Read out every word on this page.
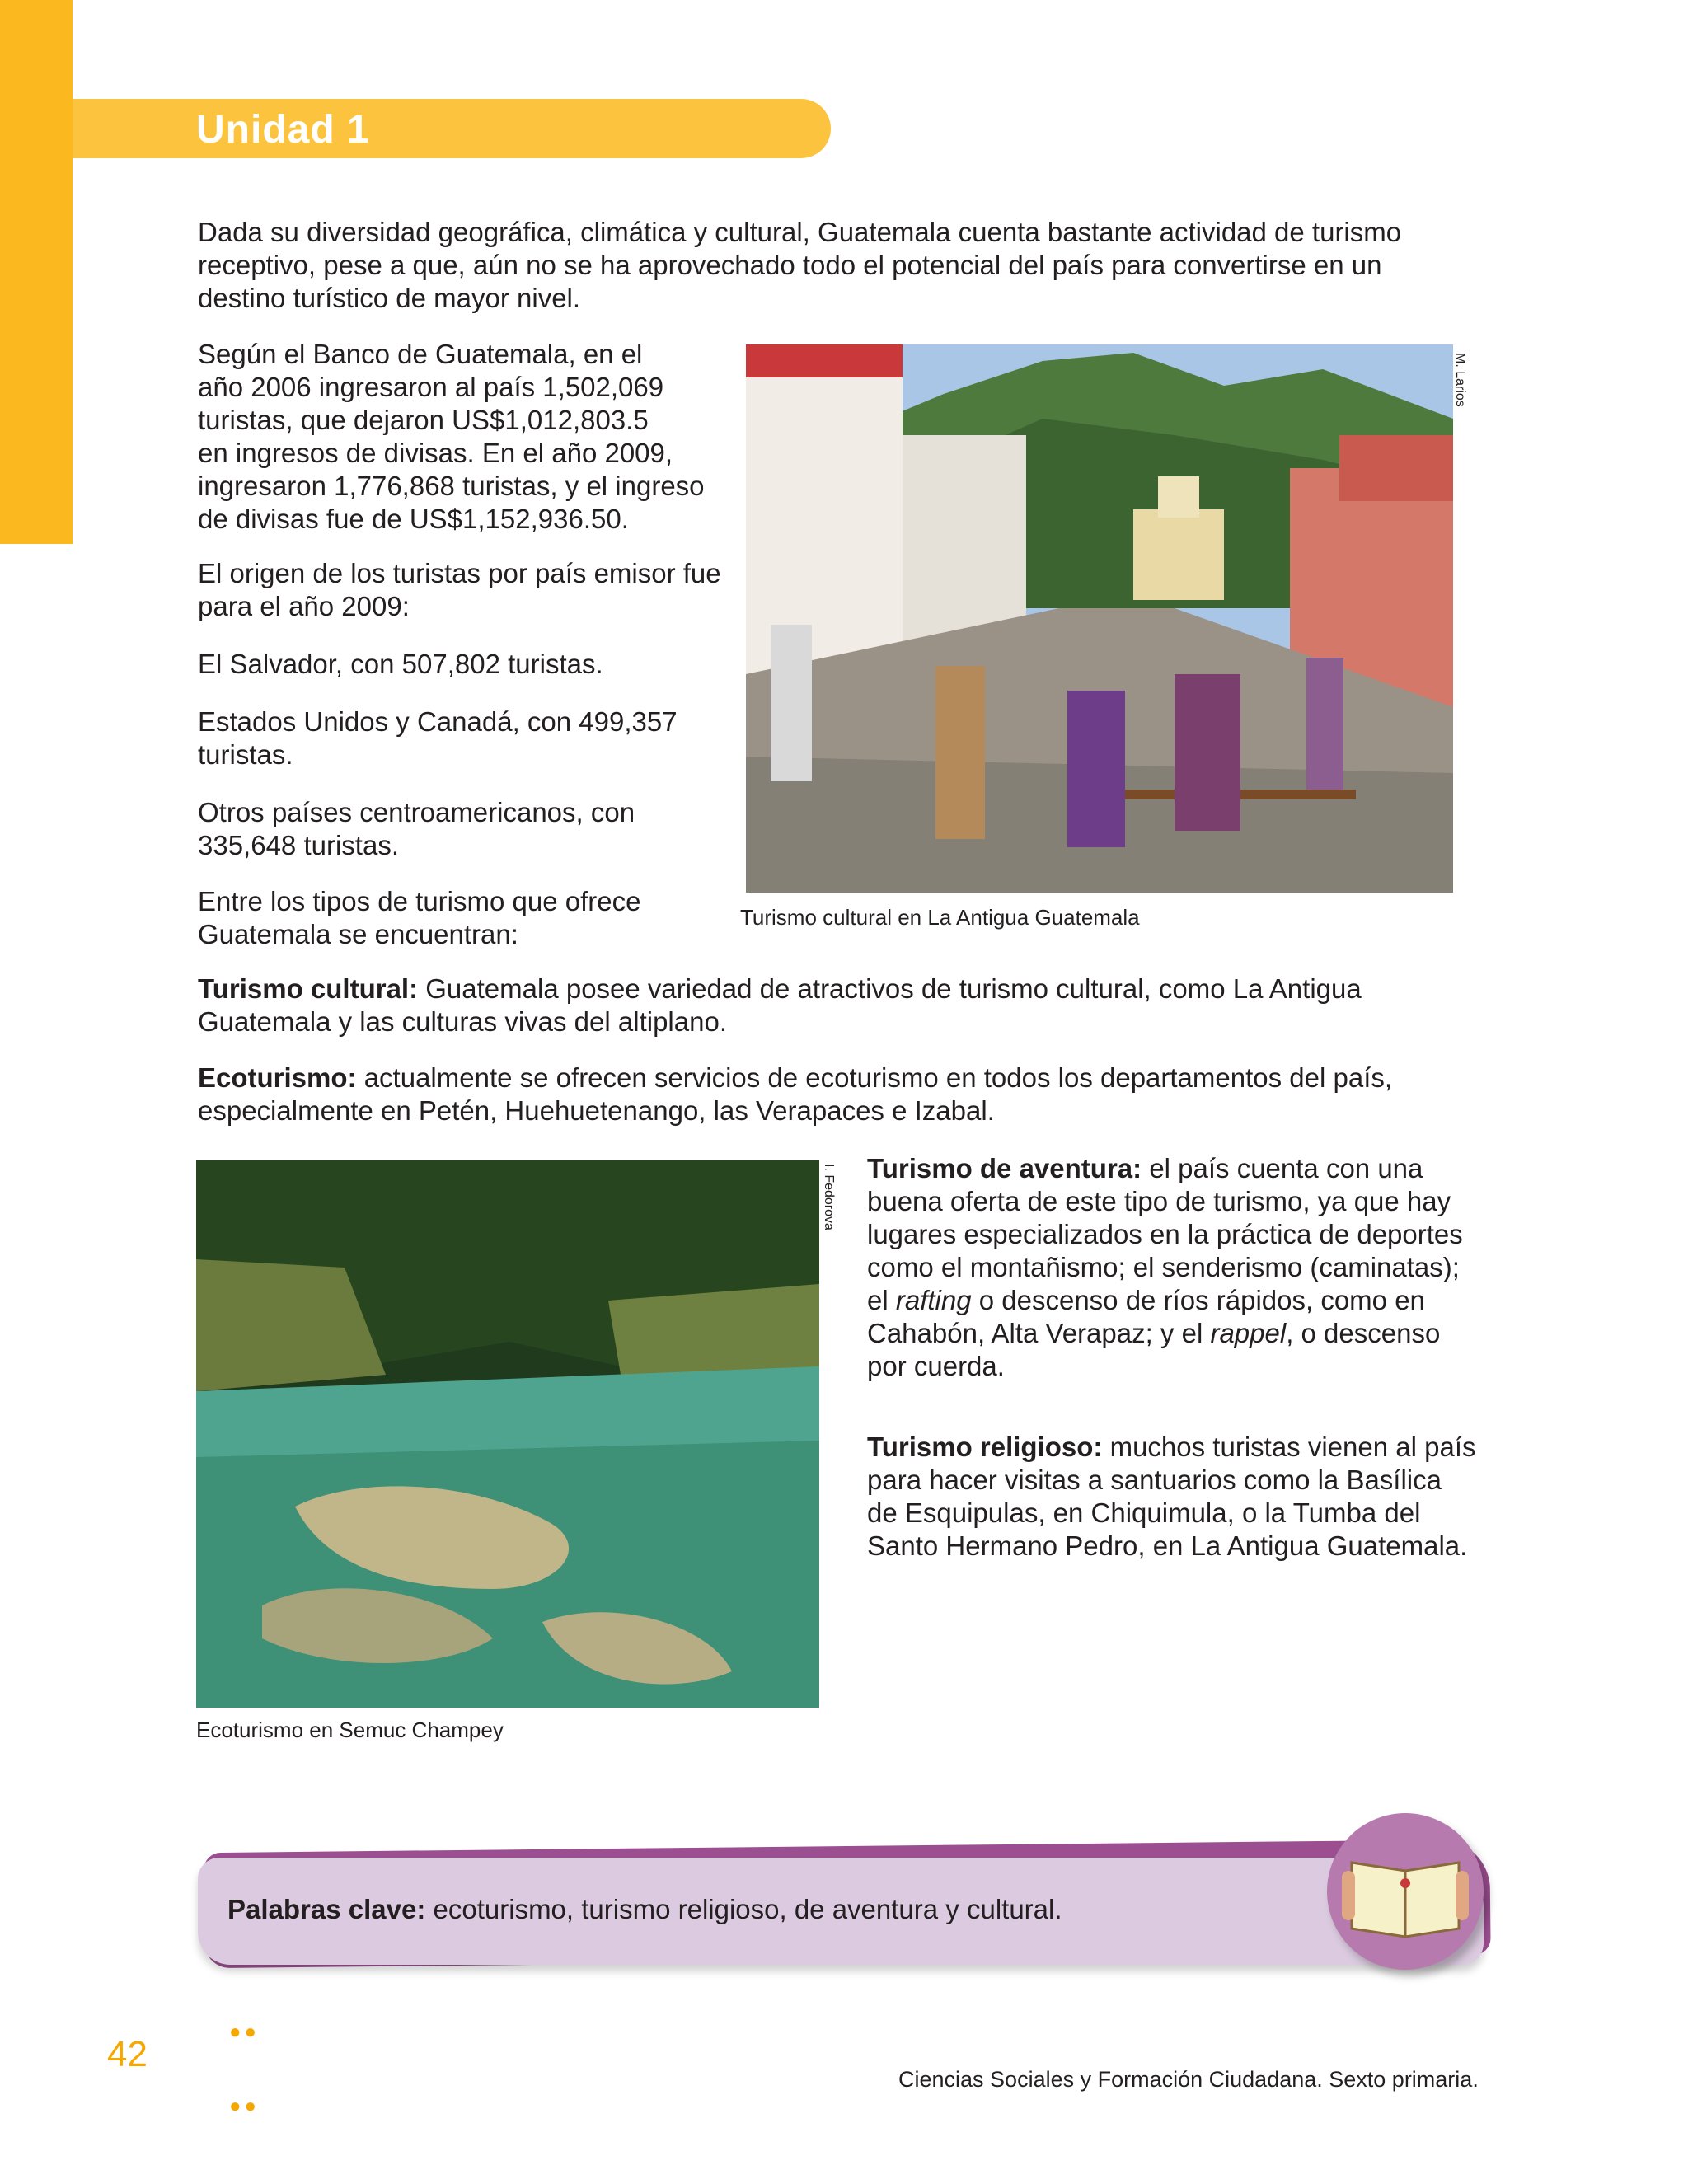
Unidad 1

Dada su diversidad geográfica, climática y cultural, Guatemala cuenta bastante actividad de turismo receptivo, pese a que, aún no se ha aprovechado todo el potencial del país para convertirse en un destino turístico de mayor nivel.

Según el Banco de Guatemala, en el

año 2006 ingresaron al país 1,502,069

turistas, que dejaron US$1,012,803.5

en ingresos de divisas. En el año 2009,

ingresaron 1,776,868 turistas, y el ingreso

de divisas fue de US$1,152,936.50.

El origen de los turistas por país emisor fue

para el año 2009:

El Salvador, con 507,802 turistas.

Estados Unidos y Canadá, con 499,357

turistas.

Otros países centroamericanos, con

335,648 turistas.

Entre los tipos de turismo que ofrece

Guatemala se encuentran:

M. Larios
Turismo cultural en La Antigua Guatemala

Turismo cultural: Guatemala posee variedad de atractivos de turismo cultural, como La Antigua Guatemala y las culturas vivas del altiplano.

Ecoturismo: actualmente se ofrecen servicios de ecoturismo en todos los departamentos del país, especialmente en Petén, Huehuetenango, las Verapaces e Izabal.

I. Fedorova
Ecoturismo en Semuc Champey

Turismo de aventura: el país cuenta con una buena oferta de este tipo de turismo, ya que hay lugares especializados en la práctica de deportes como el montañismo; el senderismo (caminatas); el rafting o descenso de ríos rápidos, como en Cahabón, Alta Verapaz; y el rappel, o descenso por cuerda.

Turismo religioso: muchos turistas vienen al país para hacer visitas a santuarios como la Basílica de Esquipulas, en Chiquimula, o la Tumba del Santo Hermano Pedro, en La Antigua Guatemala.

Palabras clave: ecoturismo, turismo religioso, de aventura y cultural.

42

●●
●●

Ciencias Sociales y Formación Ciudadana. Sexto primaria.
